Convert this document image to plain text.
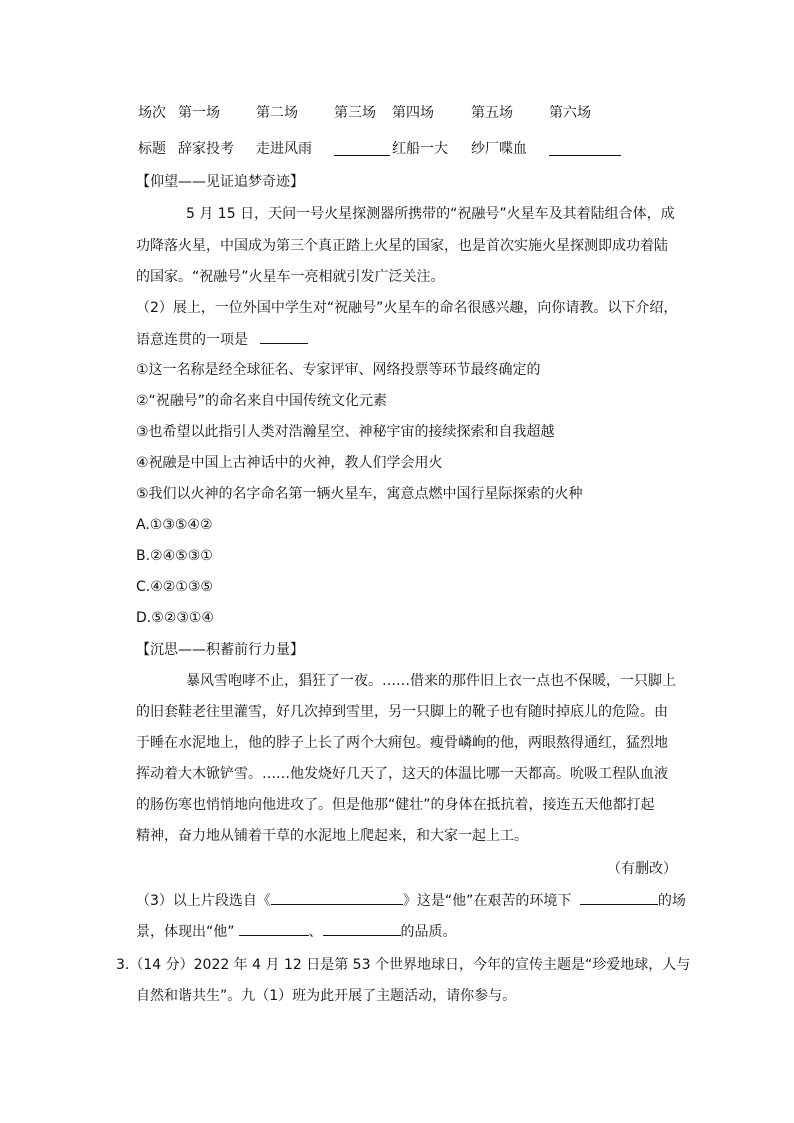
场次 第一场	第二场	第三场 第四场	第五场	第六场
标题 辞家投考 走进风雨	红船一大 纱厂喋血
【仰望——见证追梦奇迹】
5 月 15 日，天问一号火星探测器所携带的“祝融号”火星车及其着陆组合体，成
功降落火星，中国成为第三个真正踏上火星的国家，也是首次实施火星探测即成功着陆
的国家。“祝融号”火星车一亮相就引发广泛关注。
（2）展上，一位外国中学生对“祝融号”火星车的命名很感兴趣，向你请教。以下介绍，
语意连贯的一项是
①这一名称是经全球征名、专家评审、网络投票等环节最终确定的
②“祝融号”的命名来自中国传统文化元素
③也希望以此指引人类对浩瀚星空、神秘宇宙的接续探索和自我超越
④祝融是中国上古神话中的火神，教人们学会用火
⑤我们以火神的名字命名第一辆火星车，寓意点燃中国行星际探索的火种
A.①③⑤④②
B.②④⑤③①
C.④②①③⑤
D.⑤②③①④
【沉思——积蓄前行力量】
暴风雪咆哮不止，猖狂了一夜。……借来的那件旧上衣一点也不保暖，一只脚上
的旧套鞋老往里灌雪，好几次掉到雪里，另一只脚上的靴子也有随时掉底儿的危险。由
于睡在水泥地上，他的脖子上长了两个大痈包。瘦骨嶙峋的他，两眼熬得通红，猛烈地
挥动着大木锨铲雪。……他发烧好几天了，这天的体温比哪一天都高。吮吸工程队血液
的肠伤寒也悄悄地向他进攻了。但是他那“健壮”的身体在抵抗着，接连五天他都打起
精神，奋力地从铺着干草的水泥地上爬起来，和大家一起上工。
（有删改）
（3）以上片段选自《	》这是“他”在艰苦的环境下	的场
景，体现出“他”	、	的品质。
3.（14 分）2022 年 4 月 12 日是第 53 个世界地球日，今年的宣传主题是“珍爱地球，人与
自然和谐共生”。九（1）班为此开展了主题活动，请你参与。
